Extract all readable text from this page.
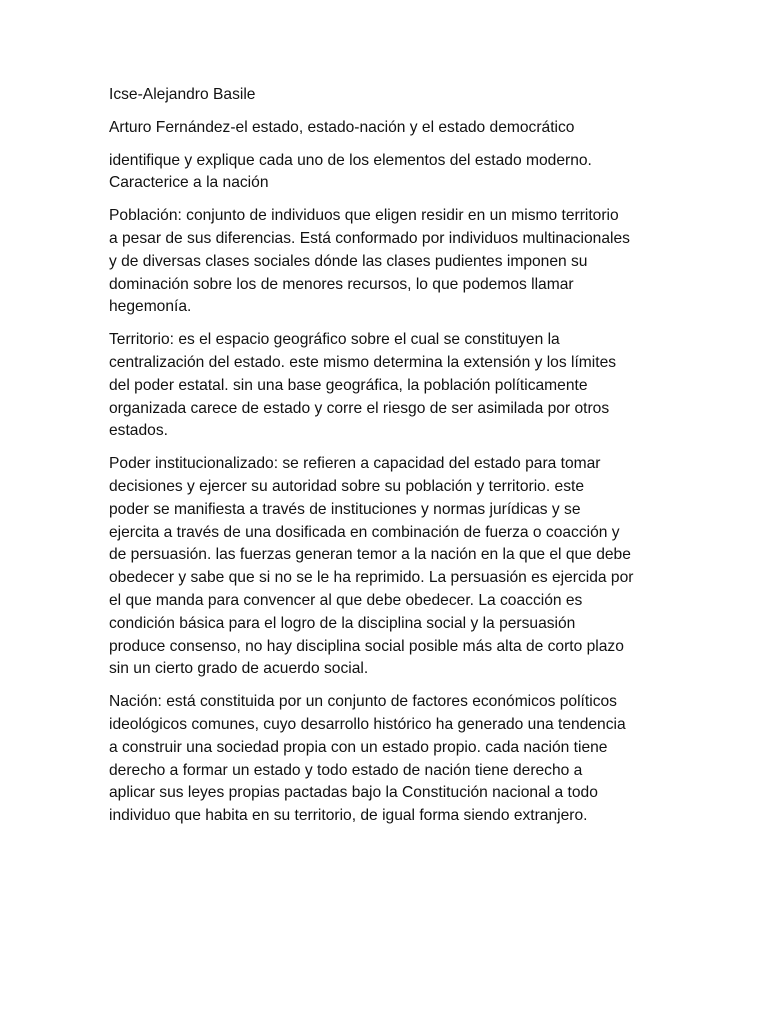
Icse-Alejandro Basile

Arturo Fernández-el estado, estado-nación y el estado democrático

identifique y explique cada uno de los elementos del estado moderno.
Caracterice a la nación

Población: conjunto de individuos que eligen residir en un mismo territorio
a pesar de sus diferencias. Está conformado por individuos multinacionales
y de diversas clases sociales dónde las clases pudientes imponen su
dominación sobre los de menores recursos, lo que podemos llamar
hegemonía.

Territorio: es el espacio geográfico sobre el cual se constituyen la
centralización del estado. este mismo determina la extensión y los límites
del poder estatal. sin una base geográfica, la población políticamente
organizada carece de estado y corre el riesgo de ser asimilada por otros
estados.

Poder institucionalizado: se refieren a capacidad del estado para tomar
decisiones y ejercer su autoridad sobre su población y territorio. este
poder se manifiesta a través de instituciones y normas jurídicas y se
ejercita a través de una dosificada en combinación de fuerza o coacción y
de persuasión. las fuerzas generan temor a la nación en la que el que debe
obedecer y sabe que si no se le ha reprimido. La persuasión es ejercida por
el que manda para convencer al que debe obedecer. La coacción es
condición básica para el logro de la disciplina social y la persuasión
produce consenso, no hay disciplina social posible más alta de corto plazo
sin un cierto grado de acuerdo social.

Nación: está constituida por un conjunto de factores económicos políticos
ideológicos comunes, cuyo desarrollo histórico ha generado una tendencia
a construir una sociedad propia con un estado propio. cada nación tiene
derecho a formar un estado y todo estado de nación tiene derecho a
aplicar sus leyes propias pactadas bajo la Constitución nacional a todo
individuo que habita en su territorio, de igual forma siendo extranjero.
